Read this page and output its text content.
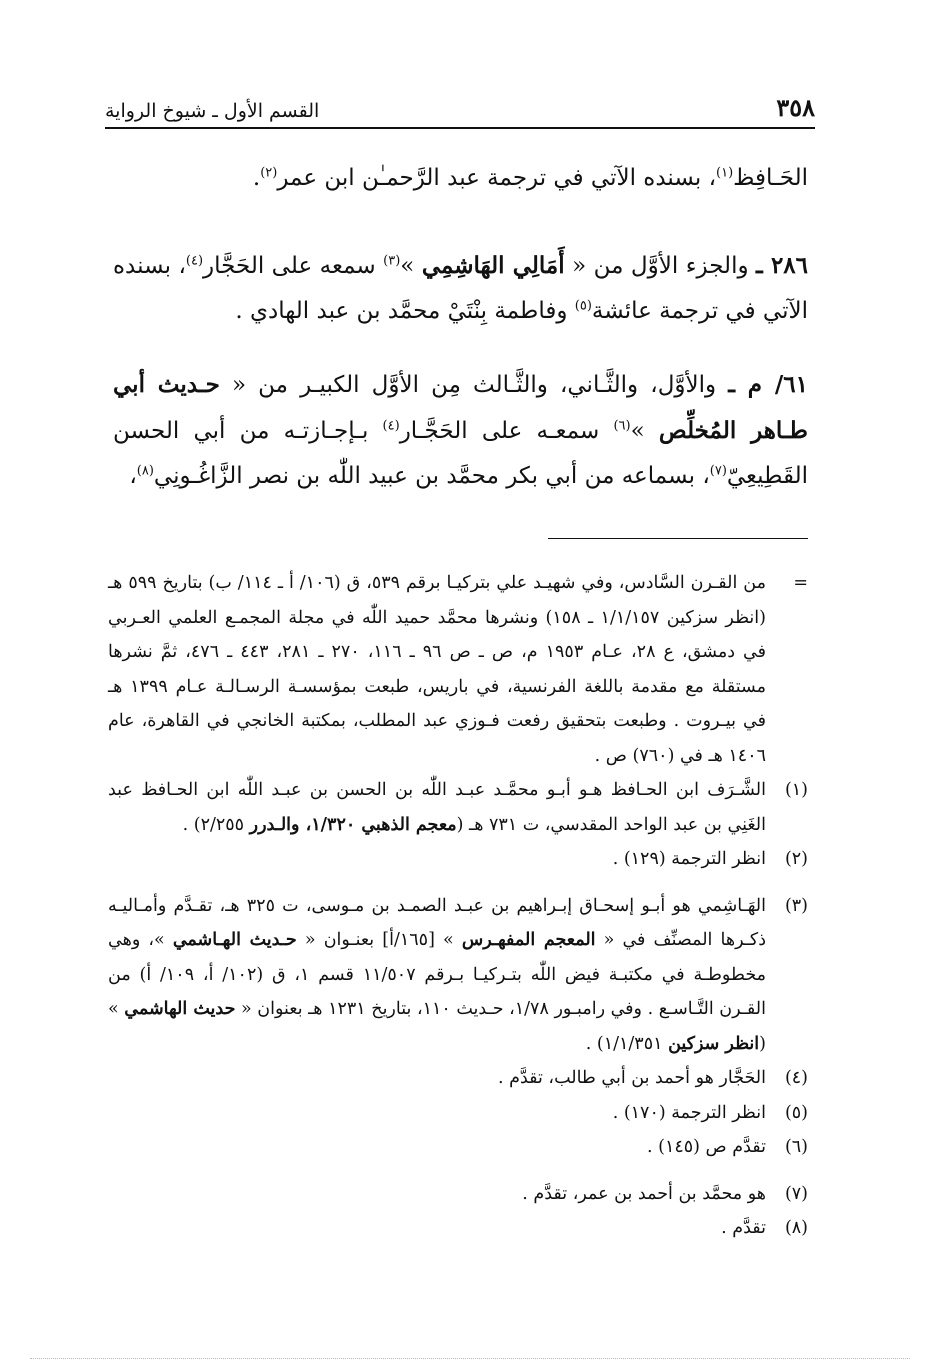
٣٥٨
القسم الأول ـ شيوخ الرواية
الحَـافِظ$^{(١)}$، بسنده الآتي في ترجمة عبد الرَّحمـٰن ابن عمر$^{(٢)}$.
٢٨٦ ـ والجزء الأوَّل من « أَمَالِي الهَاشِمِي »$^{(٣)}$ سمعه على الحَجَّار$^{(٤)}$، بسنده الآتي في ترجمة عائشة$^{(٥)}$ وفاطمة بِنْتَيْ محمَّد بن عبد الهادي .
٦١/ م ـ والأوَّل، والثَّـاني، والثَّـالث مِن الأوَّل الكبيـر من « حـديث أبي طـاهر المُخلِّص »$^{(٦)}$ سمعـه على الحَجَّـار$^{(٤)}$ بـإجـازتـه من أبي الحسن القَطِيعِيّ$^{(٧)}$، بسماعه من أبي بكر محمَّد بن عبيد اللّٰه بن نصر الزَّاغُـونِي$^{(٨)}$،
=
من القـرن السَّادس، وفي شهيـد علي بتركيـا برقم ٥٣٩، ق (١٠٦/ أ ـ ١١٤/ ب) بتاريخ ٥٩٩ هـ (انظر سزكين ١/١/١٥٧ ـ ١٥٨) ونشرها محمَّد حميد اللّٰه في مجلة المجمـع العلمي العـربي في دمشق، ع ٢٨، عـام ١٩٥٣ م، ص ـ ص ٩٦ ـ ١١٦، ٢٧٠ ـ ٢٨١، ٤٤٣ ـ ٤٧٦، ثمَّ نشرها مستقلة مع مقدمة باللغة الفرنسية، في باريس، طبعت بمؤسسـة الرسـالـة عـام ١٣٩٩ هـ في بيـروت . وطبعت بتحقيق رفعت فـوزي عبد المطلب، بمكتبة الخانجي في القاهرة، عام ١٤٠٦ هـ في (٧٦٠) ص .
(١)
الشَّـرَف ابن الحـافظ هـو أبـو محمَّـد عبـد اللّٰه بن الحسن بن عبـد اللّٰه ابن الحـافظ عبد الغَنِي بن عبد الواحد المقدسي، ت ٧٣١ هـ (معجم الذهبي ١/٣٢٠، والـدرر ٢/٢٥٥) .
(٢)
انظر الترجمة (١٢٩) .
(٣)
الهَـاشِمي هو أبـو إسحـاق إبـراهيم بن عبـد الصمـد بن مـوسى، ت ٣٢٥ هـ، تقـدَّم وأمـاليـه ذكـرها المصنِّف في « المعجم المفهـرس » [١٦٥/أ] بعنـوان « حـديث الهـاشمي »، وهي مخطوطـة في مكتبـة فيض اللّٰه بتـركيـا بـرقم ١١/٥٠٧ قسم ١، ق (١٠٢/ أ، ١٠٩/ أ) من القـرن التَّـاسـع . وفي رامبـور ١/٧٨، حـديث ١١٠، بتاريخ ١٢٣١ هـ بعنوان « حديث الهاشمي » (انظر سزكين ١/١/٣٥١) .
(٤)
الحَجَّار هو أحمد بن أبي طالب، تقدَّم .
(٥)
انظر الترجمة (١٧٠) .
(٦)
تقدَّم ص (١٤٥) .
(٧)
هو محمَّد بن أحمد بن عمر، تقدَّم .
(٨)
تقدَّم .
